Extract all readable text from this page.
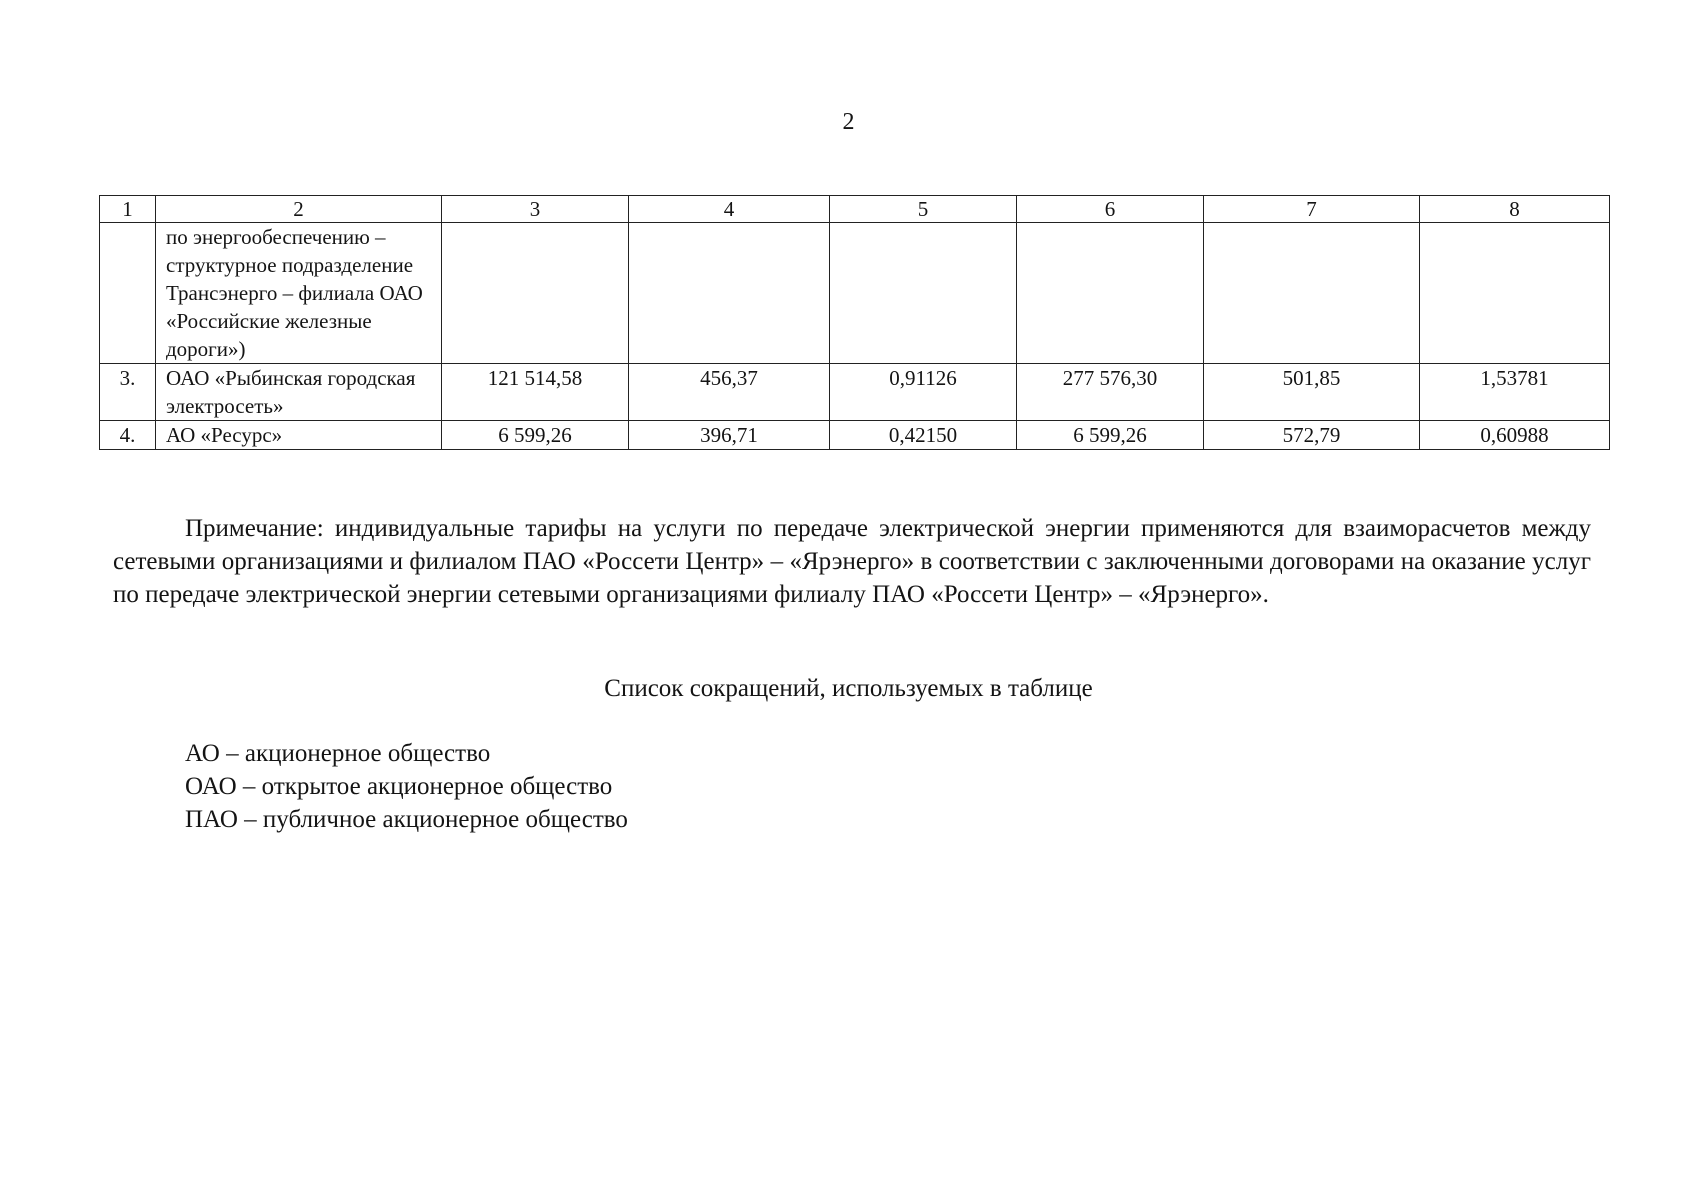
2
1	2	3	4	5	6	7	8
	по энергообеспечению – структурное подразделение Трансэнерго – филиала ОАО «Российские железные дороги»)						
3.	ОАО «Рыбинская городская электросеть»	121 514,58	456,37	0,91126	277 576,30	501,85	1,53781
4.	АО «Ресурс»	6 599,26	396,71	0,42150	6 599,26	572,79	0,60988
Примечание: индивидуальные тарифы на услуги по передаче электрической энергии применяются для взаиморасчетов между сетевыми организациями и филиалом ПАО «Россети Центр» – «Ярэнерго» в соответствии с заключенными договорами на оказание услуг по передаче электрической энергии сетевыми организациями филиалу ПАО «Россети Центр» – «Ярэнерго».
Список сокращений, используемых в таблице
АО – акционерное общество
ОАО – открытое акционерное общество
ПАО – публичное акционерное общество
